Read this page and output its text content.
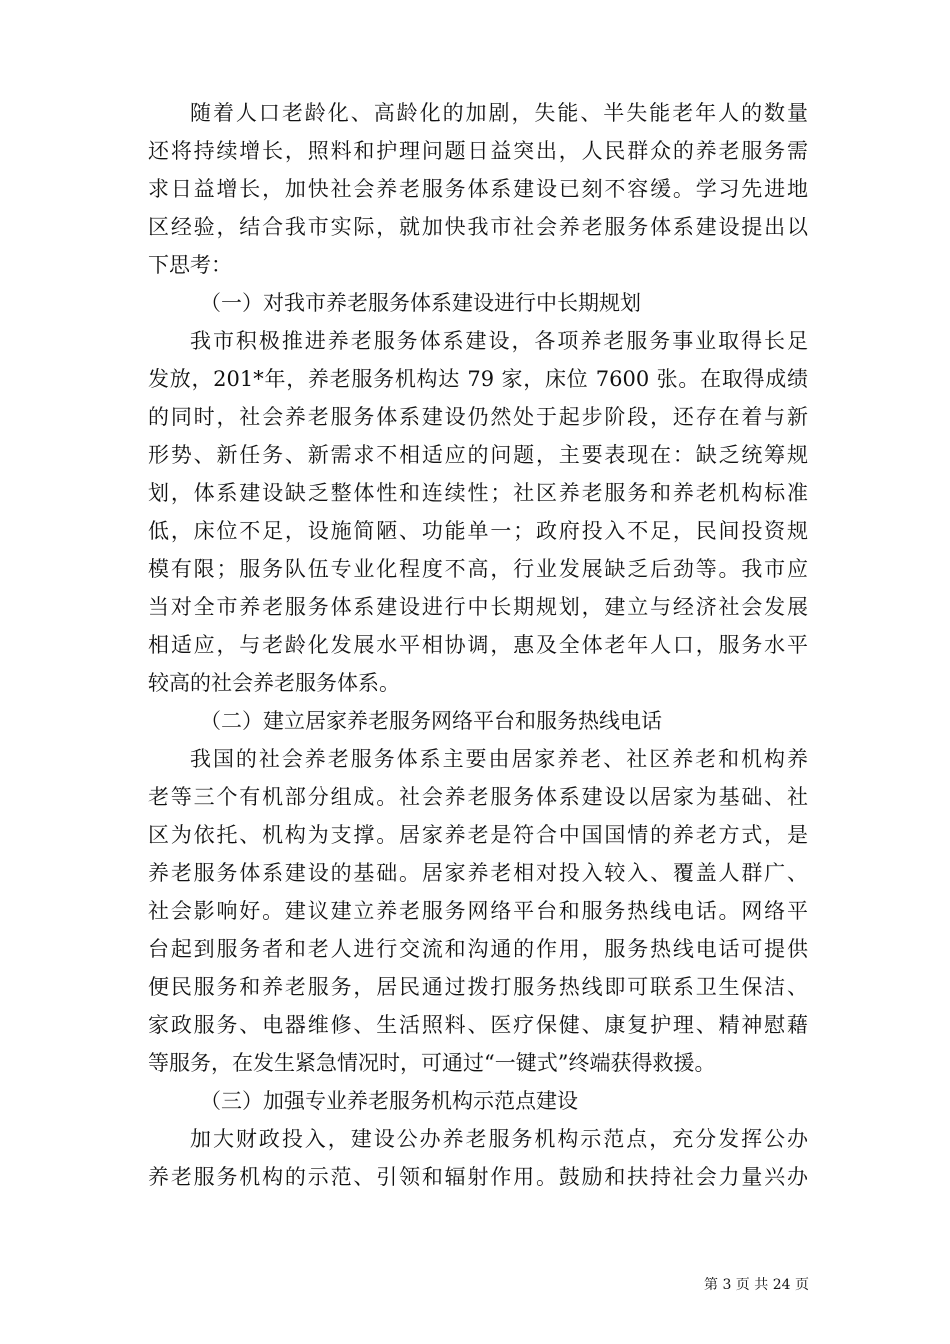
随着人口老龄化、高龄化的加剧，失能、半失能老年人的数量
还将持续增长，照料和护理问题日益突出，人民群众的养老服务需
求日益增长，加快社会养老服务体系建设已刻不容缓。学习先进地
区经验，结合我市实际，就加快我市社会养老服务体系建设提出以
下思考：
（一）对我市养老服务体系建设进行中长期规划
我市积极推进养老服务体系建设，各项养老服务事业取得长足
发放，201*年，养老服务机构达 79 家，床位 7600 张。在取得成绩
的同时，社会养老服务体系建设仍然处于起步阶段，还存在着与新
形势、新任务、新需求不相适应的问题，主要表现在：缺乏统筹规
划，体系建设缺乏整体性和连续性；社区养老服务和养老机构标准
低，床位不足，设施简陋、功能单一；政府投入不足，民间投资规
模有限；服务队伍专业化程度不高，行业发展缺乏后劲等。我市应
当对全市养老服务体系建设进行中长期规划，建立与经济社会发展
相适应，与老龄化发展水平相协调，惠及全体老年人口，服务水平
较高的社会养老服务体系。
（二）建立居家养老服务网络平台和服务热线电话
我国的社会养老服务体系主要由居家养老、社区养老和机构养
老等三个有机部分组成。社会养老服务体系建设以居家为基础、社
区为依托、机构为支撑。居家养老是符合中国国情的养老方式，是
养老服务体系建设的基础。居家养老相对投入较入、覆盖人群广、
社会影响好。建议建立养老服务网络平台和服务热线电话。网络平
台起到服务者和老人进行交流和沟通的作用，服务热线电话可提供
便民服务和养老服务，居民通过拨打服务热线即可联系卫生保洁、
家政服务、电器维修、生活照料、医疗保健、康复护理、精神慰藉
等服务，在发生紧急情况时，可通过“一键式”终端获得救援。
（三）加强专业养老服务机构示范点建设
加大财政投入，建设公办养老服务机构示范点，充分发挥公办
养老服务机构的示范、引领和辐射作用。鼓励和扶持社会力量兴办
第 3 页 共 24 页
